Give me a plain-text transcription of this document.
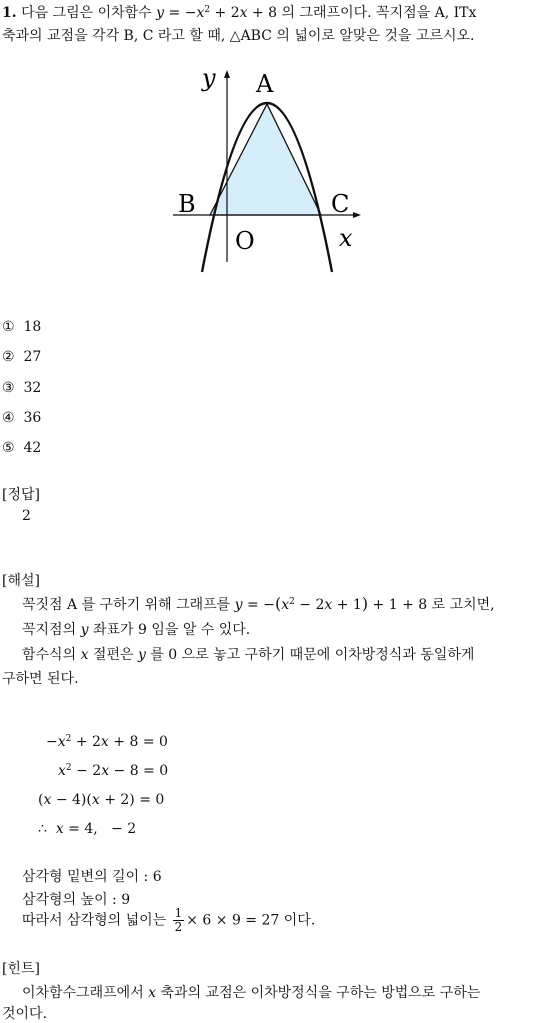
1. 다음 그림은 이차함수 $y = -x^2 + 2x + 8$ 의 그래프이다. 꼭지점을 A, ITx
축과의 교점을 각각 B, C 라고 할 때, △ABC 의 넓이로 알맞은 것을 고르시오.
y A
B	C
O	x
① 18
② 27
③ 32
④ 36
⑤ 42
[정답]
2
[해설]
꼭짓점 A 를 구하기 위해 그래프를 $y = -(x^2 - 2x + 1) + 1 + 8$ 로 고치면,
꼭지점의 y 좌표가 9 임을 알 수 있다.
함수식의 x 절편은 y 를 0 으로 놓고 구하기 때문에 이차방정식과 동일하게
구하면 된다.
$-x^2 + 2x + 8 = 0$
$x^2 - 2x - 8 = 0$
(x − 4)(x + 2) = 0
∴  x = 4,   − 2
삼각형 밑변의 길이 : 6
삼각형의 높이 : 9
따라서 삼각형의 넓이는 $\frac{1}{2} \times 6 \times 9 = 27$ 이다.
[힌트]
이차함수그래프에서 x 축과의 교점은 이차방정식을 구하는 방법으로 구하는
것이다.
